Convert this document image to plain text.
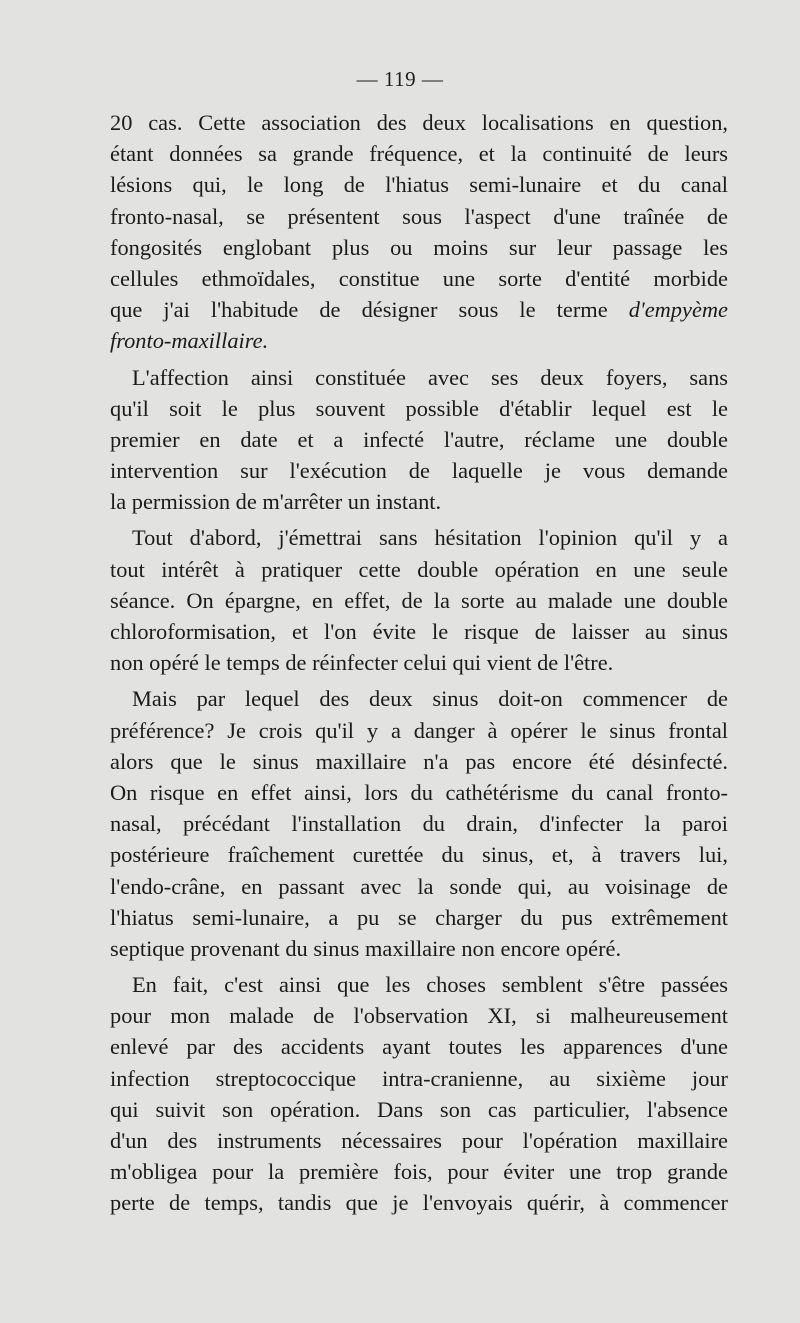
— 119 —
20 cas. Cette association des deux localisations en question,
étant données sa grande fréquence, et la continuité de leurs
lésions qui, le long de l'hiatus semi-lunaire et du canal
fronto-nasal, se présentent sous l'aspect d'une traînée de
fongosités englobant plus ou moins sur leur passage les
cellules ethmoïdales, constitue une sorte d'entité morbide
que j'ai l'habitude de désigner sous le terme d'empyème
fronto-maxillaire.
L'affection ainsi constituée avec ses deux foyers, sans
qu'il soit le plus souvent possible d'établir lequel est le
premier en date et a infecté l'autre, réclame une double
intervention sur l'exécution de laquelle je vous demande
la permission de m'arrêter un instant.
Tout d'abord, j'émettrai sans hésitation l'opinion qu'il y a
tout intérêt à pratiquer cette double opération en une seule
séance. On épargne, en effet, de la sorte au malade une double
chloroformisation, et l'on évite le risque de laisser au sinus
non opéré le temps de réinfecter celui qui vient de l'être.
Mais par lequel des deux sinus doit-on commencer de
préférence? Je crois qu'il y a danger à opérer le sinus frontal
alors que le sinus maxillaire n'a pas encore été désinfecté.
On risque en effet ainsi, lors du cathétérisme du canal fronto-
nasal, précédant l'installation du drain, d'infecter la paroi
postérieure fraîchement curettée du sinus, et, à travers lui,
l'endo-crâne, en passant avec la sonde qui, au voisinage de
l'hiatus semi-lunaire, a pu se charger du pus extrêmement
septique provenant du sinus maxillaire non encore opéré.
En fait, c'est ainsi que les choses semblent s'être passées
pour mon malade de l'observation XI, si malheureusement
enlevé par des accidents ayant toutes les apparences d'une
infection streptococcique intra-cranienne, au sixième jour
qui suivit son opération. Dans son cas particulier, l'absence
d'un des instruments nécessaires pour l'opération maxillaire
m'obligea pour la première fois, pour éviter une trop grande
perte de temps, tandis que je l'envoyais quérir, à commencer
